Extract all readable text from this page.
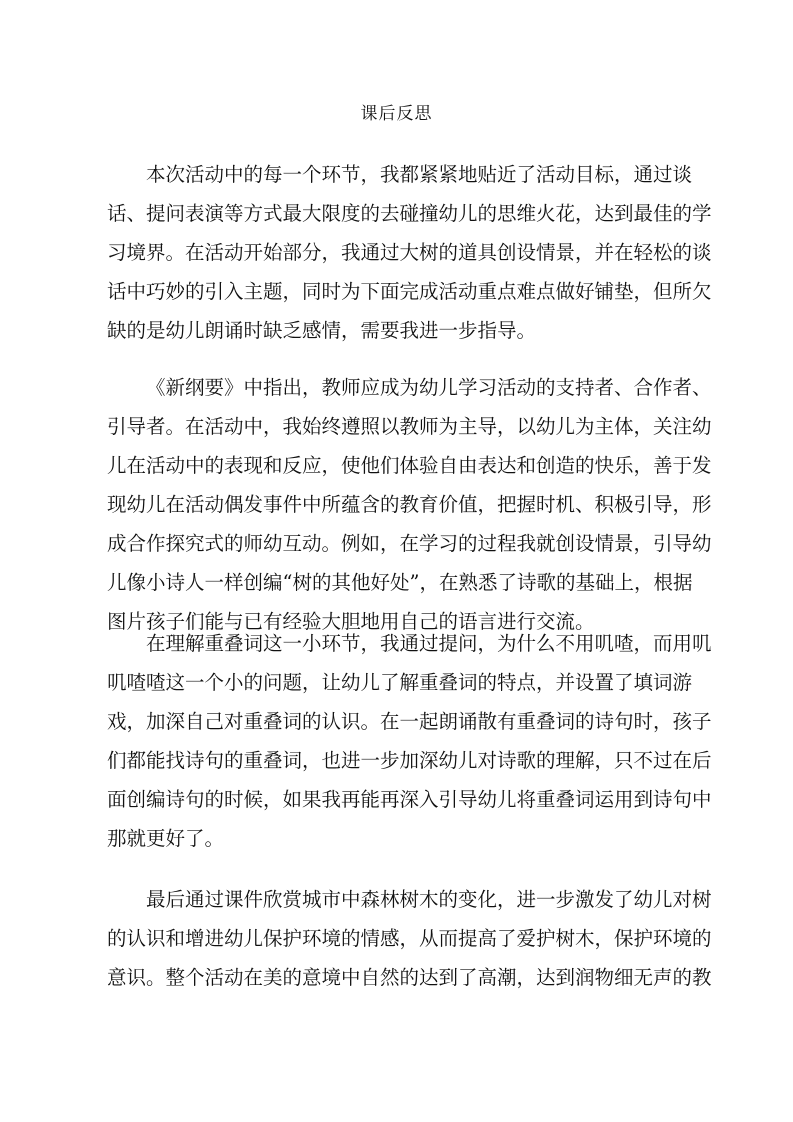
课后反思
本次活动中的每一个环节，我都紧紧地贴近了活动目标，通过谈
话、提问表演等方式最大限度的去碰撞幼儿的思维火花，达到最佳的学
习境界。在活动开始部分，我通过大树的道具创设情景，并在轻松的谈
话中巧妙的引入主题，同时为下面完成活动重点难点做好铺垫，但所欠
缺的是幼儿朗诵时缺乏感情，需要我进一步指导。
《新纲要》中指出，教师应成为幼儿学习活动的支持者、合作者、
引导者。在活动中，我始终遵照以教师为主导，以幼儿为主体，关注幼
儿在活动中的表现和反应，使他们体验自由表达和创造的快乐，善于发
现幼儿在活动偶发事件中所蕴含的教育价值，把握时机、积极引导，形
成合作探究式的师幼互动。例如，在学习的过程我就创设情景，引导幼
儿像小诗人一样创编“树的其他好处”，在熟悉了诗歌的基础上，根据
图片孩子们能与已有经验大胆地用自己的语言进行交流。
在理解重叠词这一小环节，我通过提问，为什么不用叽喳，而用叽
叽喳喳这一个小的问题，让幼儿了解重叠词的特点，并设置了填词游
戏，加深自己对重叠词的认识。在一起朗诵散有重叠词的诗句时，孩子
们都能找诗句的重叠词，也进一步加深幼儿对诗歌的理解，只不过在后
面创编诗句的时候，如果我再能再深入引导幼儿将重叠词运用到诗句中
那就更好了。
最后通过课件欣赏城市中森林树木的变化，进一步激发了幼儿对树
的认识和增进幼儿保护环境的情感，从而提高了爱护树木，保护环境的
意识。整个活动在美的意境中自然的达到了高潮，达到润物细无声的教
